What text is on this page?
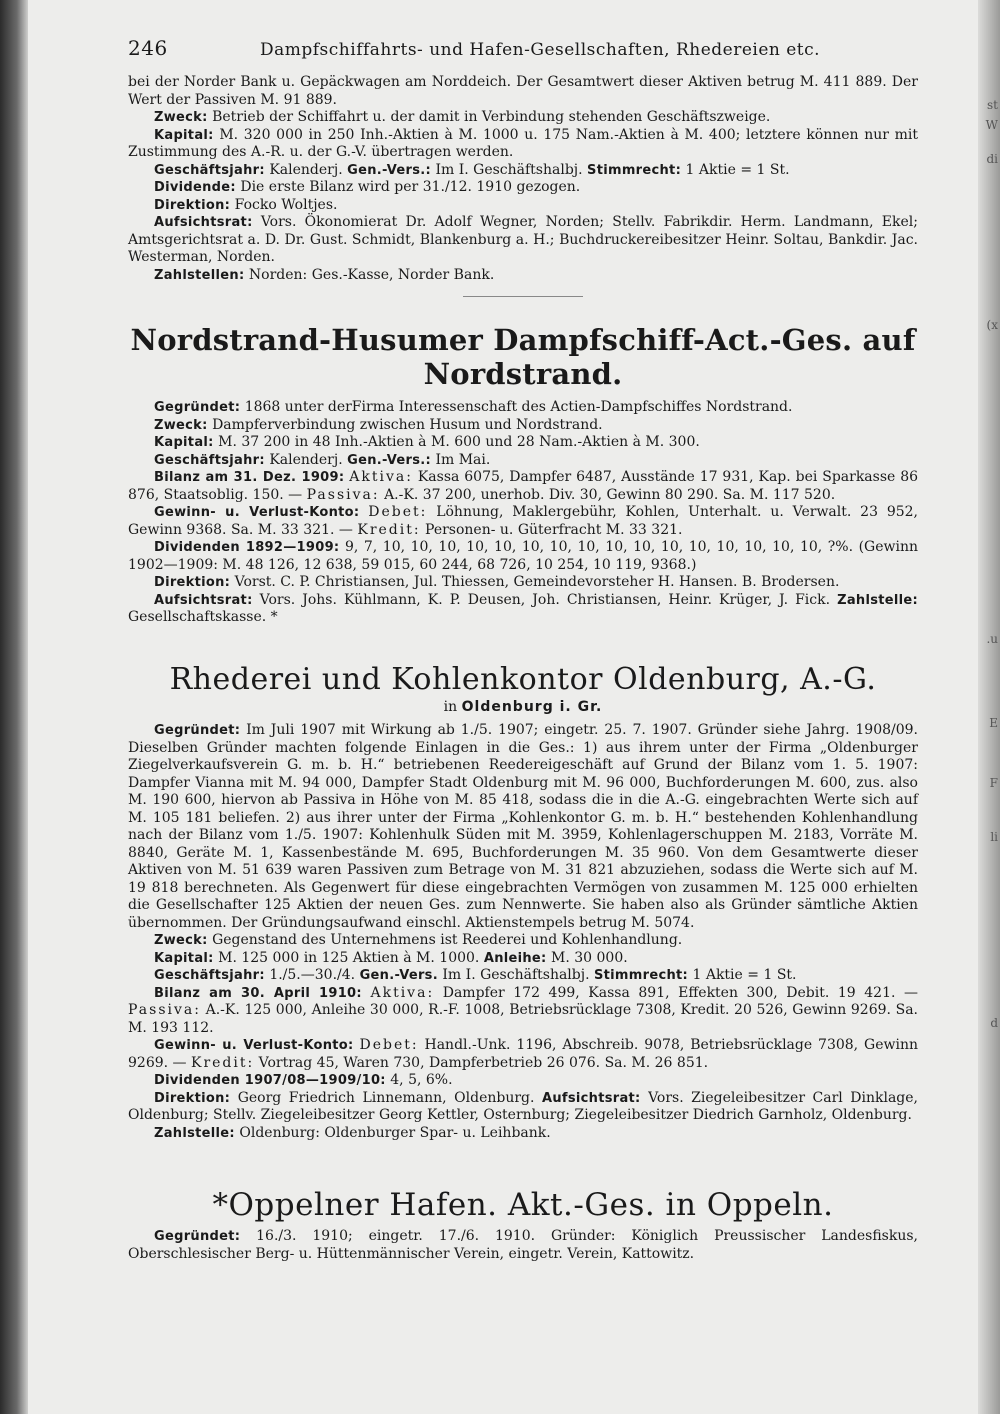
st
W
di
(x
.u
E
F
li
d
246	Dampfschiffahrts- und Hafen-Gesellschaften, Rhedereien etc.

bei der Norder Bank u. Gepäckwagen am Norddeich. Der Gesamtwert dieser Aktiven betrug M. 411 889. Der Wert der Passiven M. 91 889.

Zweck: Betrieb der Schiffahrt u. der damit in Verbindung stehenden Geschäftszweige.

Kapital: M. 320 000 in 250 Inh.-Aktien à M. 1000 u. 175 Nam.-Aktien à M. 400; letztere können nur mit Zustimmung des A.-R. u. der G.-V. übertragen werden.

Geschäftsjahr: Kalenderj. Gen.-Vers.: Im I. Geschäftshalbj. Stimmrecht: 1 Aktie = 1 St.

Dividende: Die erste Bilanz wird per 31./12. 1910 gezogen.

Direktion: Focko Woltjes.

Aufsichtsrat: Vors. Ökonomierat Dr. Adolf Wegner, Norden; Stellv. Fabrikdir. Herm. Landmann, Ekel; Amtsgerichtsrat a. D. Dr. Gust. Schmidt, Blankenburg a. H.; Buchdruckereibesitzer Heinr. Soltau, Bankdir. Jac. Westerman, Norden.

Zahlstellen: Norden: Ges.-Kasse, Norder Bank.

Nordstrand-Husumer Dampfschiff-Act.-Ges. auf Nordstrand.

Gegründet: 1868 unter derFirma Interessenschaft des Actien-Dampfschiffes Nordstrand.

Zweck: Dampferverbindung zwischen Husum und Nordstrand.

Kapital: M. 37 200 in 48 Inh.-Aktien à M. 600 und 28 Nam.-Aktien à M. 300.

Geschäftsjahr: Kalenderj. Gen.-Vers.: Im Mai.

Bilanz am 31. Dez. 1909: Aktiva: Kassa 6075, Dampfer 6487, Ausstände 17 931, Kap. bei Sparkasse 86 876, Staatsoblig. 150. — Passiva: A.-K. 37 200, unerhob. Div. 30, Gewinn 80 290. Sa. M. 117 520.

Gewinn- u. Verlust-Konto: Debet: Löhnung, Maklergebühr, Kohlen, Unterhalt. u. Verwalt. 23 952, Gewinn 9368. Sa. M. 33 321. — Kredit: Personen- u. Güterfracht M. 33 321.

Dividenden 1892—1909: 9, 7, 10, 10, 10, 10, 10, 10, 10, 10, 10, 10, 10, 10, 10, 10, 10, 10, ?%. (Gewinn 1902—1909: M. 48 126, 12 638, 59 015, 60 244, 68 726, 10 254, 10 119, 9368.)

Direktion: Vorst. C. P. Christiansen, Jul. Thiessen, Gemeindevorsteher H. Hansen. B. Brodersen.

Aufsichtsrat: Vors. Johs. Kühlmann, K. P. Deusen, Joh. Christiansen, Heinr. Krüger, J. Fick. Zahlstelle: Gesellschaftskasse. *

Rhederei und Kohlenkontor Oldenburg, A.-G.
in Oldenburg i. Gr.

Gegründet: Im Juli 1907 mit Wirkung ab 1./5. 1907; eingetr. 25. 7. 1907. Gründer siehe Jahrg. 1908/09. Dieselben Gründer machten folgende Einlagen in die Ges.: 1) aus ihrem unter der Firma „Oldenburger Ziegelverkaufsverein G. m. b. H.“ betriebenen Reedereigeschäft auf Grund der Bilanz vom 1. 5. 1907: Dampfer Vianna mit M. 94 000, Dampfer Stadt Oldenburg mit M. 96 000, Buchforderungen M. 600, zus. also M. 190 600, hiervon ab Passiva in Höhe von M. 85 418, sodass die in die A.-G. eingebrachten Werte sich auf M. 105 181 beliefen. 2) aus ihrer unter der Firma „Kohlenkontor G. m. b. H.“ bestehenden Kohlenhandlung nach der Bilanz vom 1./5. 1907: Kohlenhulk Süden mit M. 3959, Kohlenlagerschuppen M. 2183, Vorräte M. 8840, Geräte M. 1, Kassenbestände M. 695, Buchforderungen M. 35 960. Von dem Gesamtwerte dieser Aktiven von M. 51 639 waren Passiven zum Betrage von M. 31 821 abzuziehen, sodass die Werte sich auf M. 19 818 berechneten. Als Gegenwert für diese eingebrachten Vermögen von zusammen M. 125 000 erhielten die Gesellschafter 125 Aktien der neuen Ges. zum Nennwerte. Sie haben also als Gründer sämtliche Aktien übernommen. Der Gründungsaufwand einschl. Aktienstempels betrug M. 5074.

Zweck: Gegenstand des Unternehmens ist Reederei und Kohlenhandlung.

Kapital: M. 125 000 in 125 Aktien à M. 1000. Anleihe: M. 30 000.

Geschäftsjahr: 1./5.—30./4. Gen.-Vers. Im I. Geschäftshalbj. Stimmrecht: 1 Aktie = 1 St.

Bilanz am 30. April 1910: Aktiva: Dampfer 172 499, Kassa 891, Effekten 300, Debit. 19 421. — Passiva: A.-K. 125 000, Anleihe 30 000, R.-F. 1008, Betriebsrücklage 7308, Kredit. 20 526, Gewinn 9269. Sa. M. 193 112.

Gewinn- u. Verlust-Konto: Debet: Handl.-Unk. 1196, Abschreib. 9078, Betriebsrücklage 7308, Gewinn 9269. — Kredit: Vortrag 45, Waren 730, Dampferbetrieb 26 076. Sa. M. 26 851.

Dividenden 1907/08—1909/10: 4, 5, 6%.

Direktion: Georg Friedrich Linnemann, Oldenburg. Aufsichtsrat: Vors. Ziegeleibesitzer Carl Dinklage, Oldenburg; Stellv. Ziegeleibesitzer Georg Kettler, Osternburg; Ziegeleibesitzer Diedrich Garnholz, Oldenburg.

Zahlstelle: Oldenburg: Oldenburger Spar- u. Leihbank.

*Oppelner Hafen. Akt.-Ges. in Oppeln.

Gegründet: 16./3. 1910; eingetr. 17./6. 1910. Gründer: Königlich Preussischer Landesfiskus, Oberschlesischer Berg- u. Hüttenmännischer Verein, eingetr. Verein, Kattowitz.
